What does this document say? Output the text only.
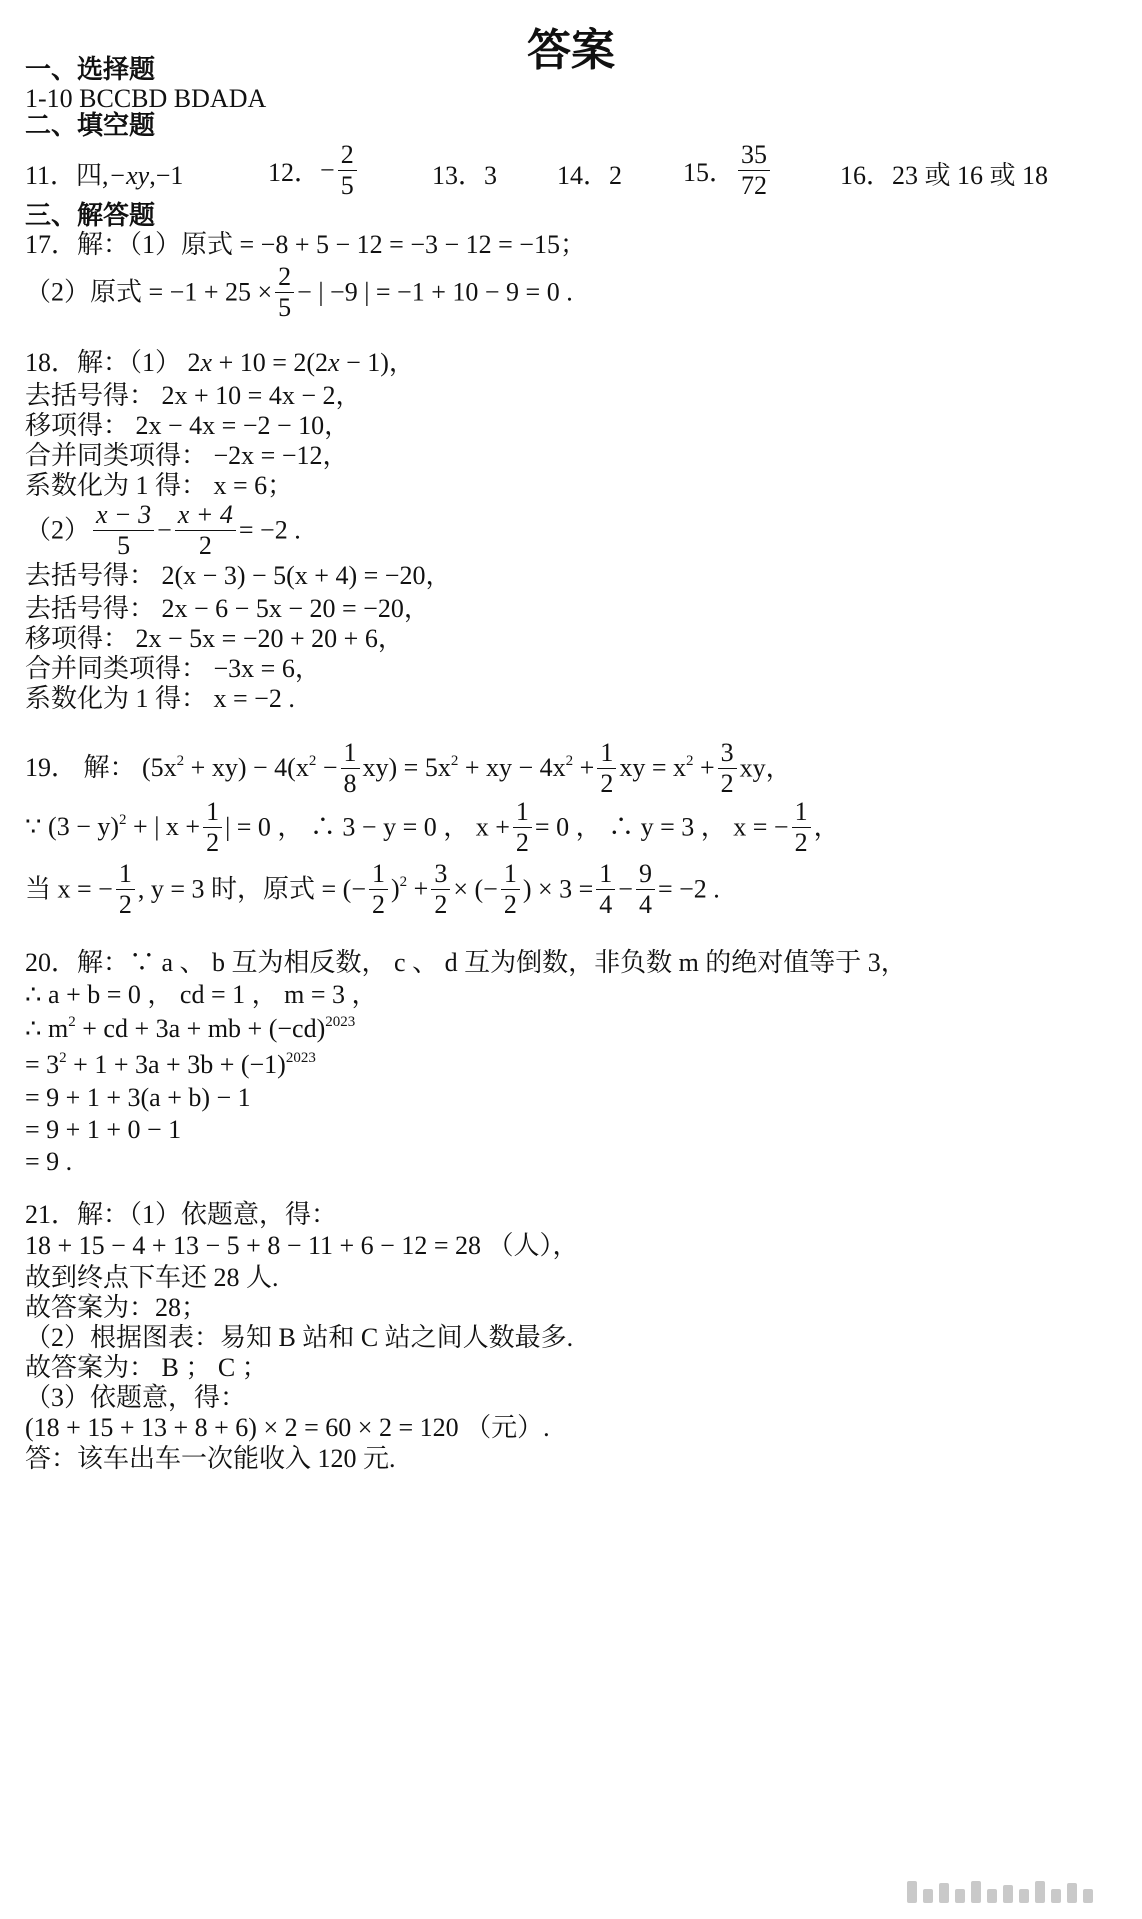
答案
一、选择题
1-10 BCCBD BDADA
二、填空题
11．四,−xy,−1	12．− $\frac{2}{5}$	13．3 14．2 15． $\frac{35}{72}$	16．23 或 16 或 18
三、解答题
17．解：（1）原式 = −8 + 5 − 12 = −3 − 12 = −15；
（2）原式 = $-1 + 25 \times \frac{2}{5}$ − | −9 | = −1 + 10 − 9 = 0 .
18．解：（1） 2x + 10 = 2(2x − 1)，
去括号得： 2x + 10 = 4x − 2，
移项得： 2x − 4x = −2 − 10，
合并同类项得： −2x = −12，
系数化为 1 得： x = 6；
$(2) \frac{x - 3}{5} - \frac{x + 4}{2} = -2$ .
去括号得： 2(x − 3) − 5(x + 4) = −20，
去括号得： 2x − 6 − 5x − 20 = −20，
移项得： 2x − 5x = −20 + 20 + 6，
合并同类项得： −3x = 6，
系数化为 1 得： x = −2 .
19． 解： $(5x^2 + xy) - 4(x^2 - \frac{1}{8} xy) = 5x^2$ + xy − $4x^2 + \frac{1}{2}$ xy = $x^2 + \frac{3}{2}$ xy，
∵ $(3 - y)^2$ + | $x + \frac{1}{2}$ | = 0 ， ∴ 3 − y = 0 ， $x + \frac{1}{2} = 0$ ， ∴ y = 3 ， x = − $\frac{1}{2}$ ，
当 x = − $\frac{1}{2}$ , y = 3 时，原式 = (− $\frac{1}{2} )^2 + \frac{3}{2}$ × (− $\frac{1}{2}$ ) × $3 = \frac{1}{4} - \frac{9}{4} = -2$ .
20．解：∵ a 、 b 互为相反数， c 、 d 互为倒数，非负数 m 的绝对值等于 3，
∴ a + b = 0 ， cd = 1 ， m = 3 ，
∴ $m^2$ + cd + 3a + mb + $(-cd)^{2023}$
= $3^2 + 1 + 3a + 3b + (-1)^{2023}$
= 9 + 1 + 3(a + b) − 1
= 9 + 1 + 0 − 1
= 9 .
21．解：（1）依题意，得：
18 + 15 − 4 + 13 − 5 + 8 − 11 + 6 − 12 = 28 （人），
故到终点下车还 28 人.
故答案为：28；
（2）根据图表：易知 B 站和 C 站之间人数最多.
故答案为： B ； C ；
（3）依题意，得：
(18 + 15 + 13 + 8 + 6) × 2 = 60 × 2 = 120 （元）.
答：该车出车一次能收入 120 元.
